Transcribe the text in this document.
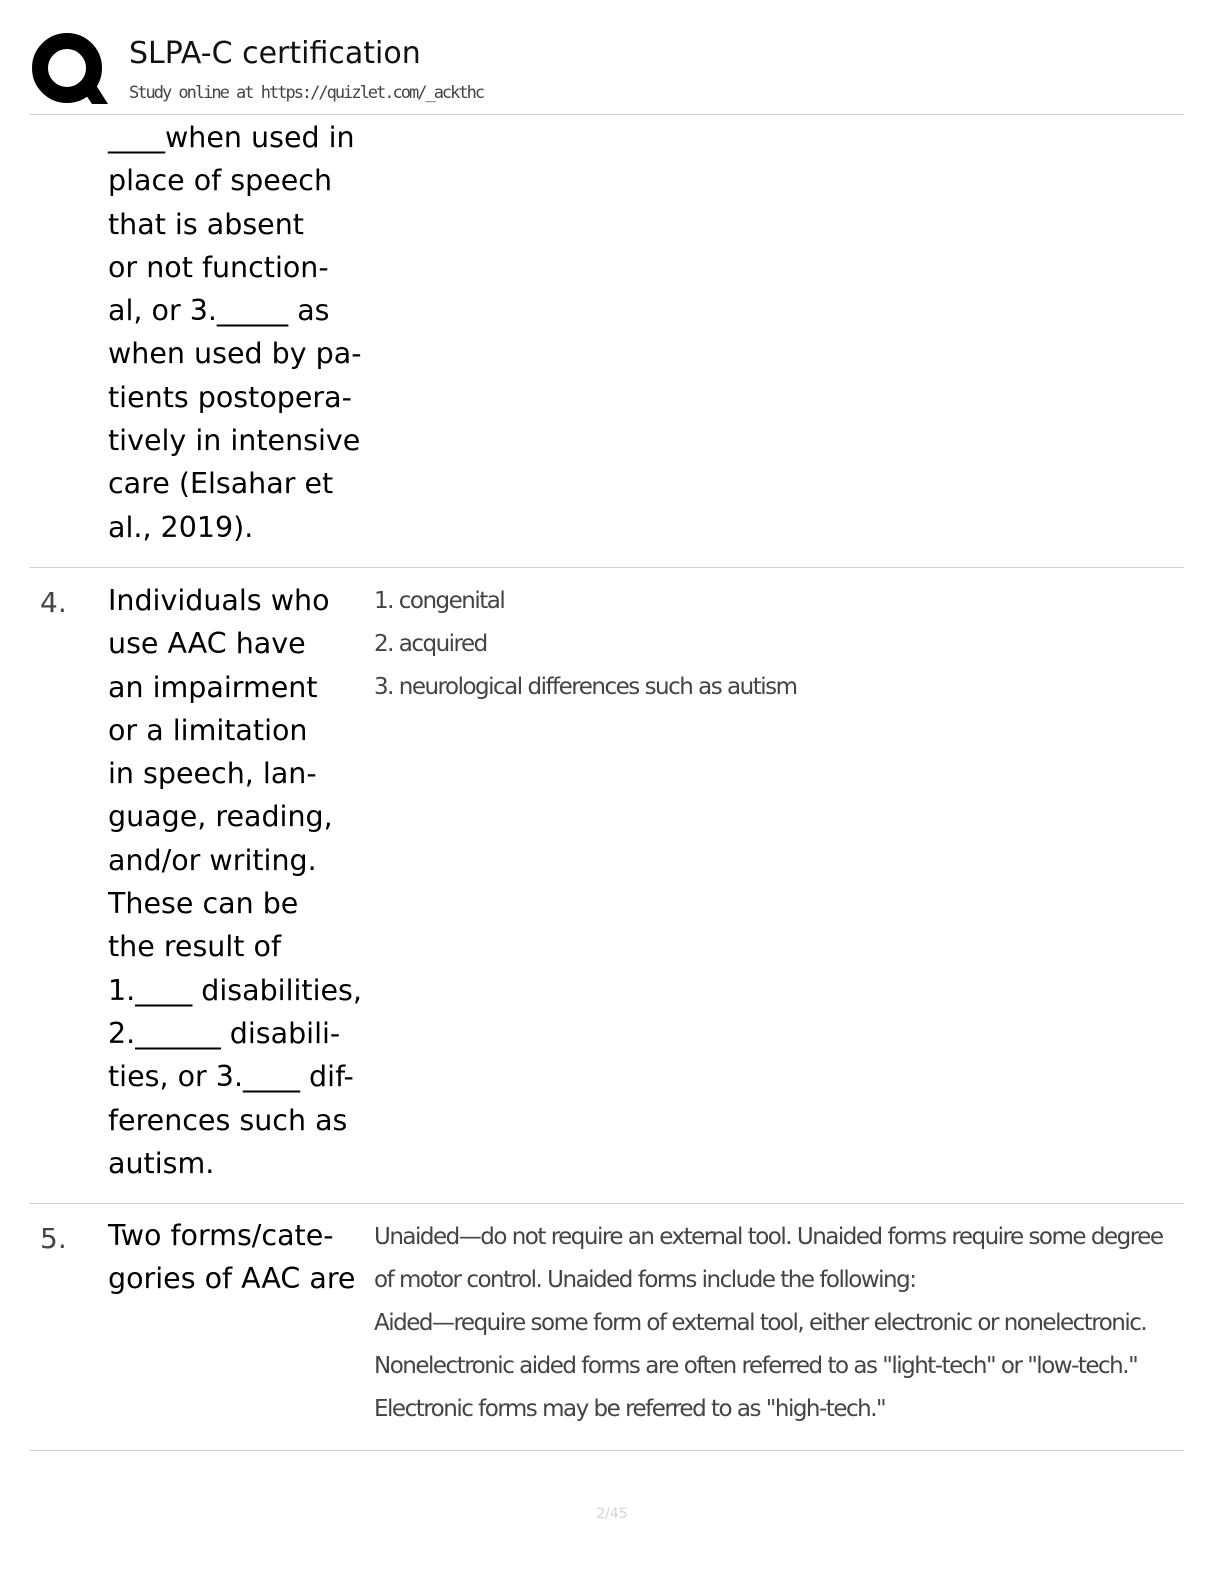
SLPA-C certification
Study online at https://quizlet.com/_ackthc
____when used in
place of speech
that is absent
or not function-
al, or 3._____ as
when used by pa-
tients postopera-
tively in intensive
care (Elsahar et
al., 2019).
4. Individuals who
use AAC have
an impairment
or a limitation
in speech, lan-
guage, reading,
and/or writing.
These can be
the result of
1.____ disabilities,
2.______ disabili-
ties, or 3.____ dif-
ferences such as
autism.
1. congenital
2. acquired
3. neurological differences such as autism
5. Two forms/cate-
gories of AAC are
Unaided—do not require an external tool. Unaided forms require some degree
of motor control. Unaided forms include the following:
Aided—require some form of external tool, either electronic or nonelectronic.
Nonelectronic aided forms are often referred to as "light-tech" or "low-tech."
Electronic forms may be referred to as "high-tech."
2/45
